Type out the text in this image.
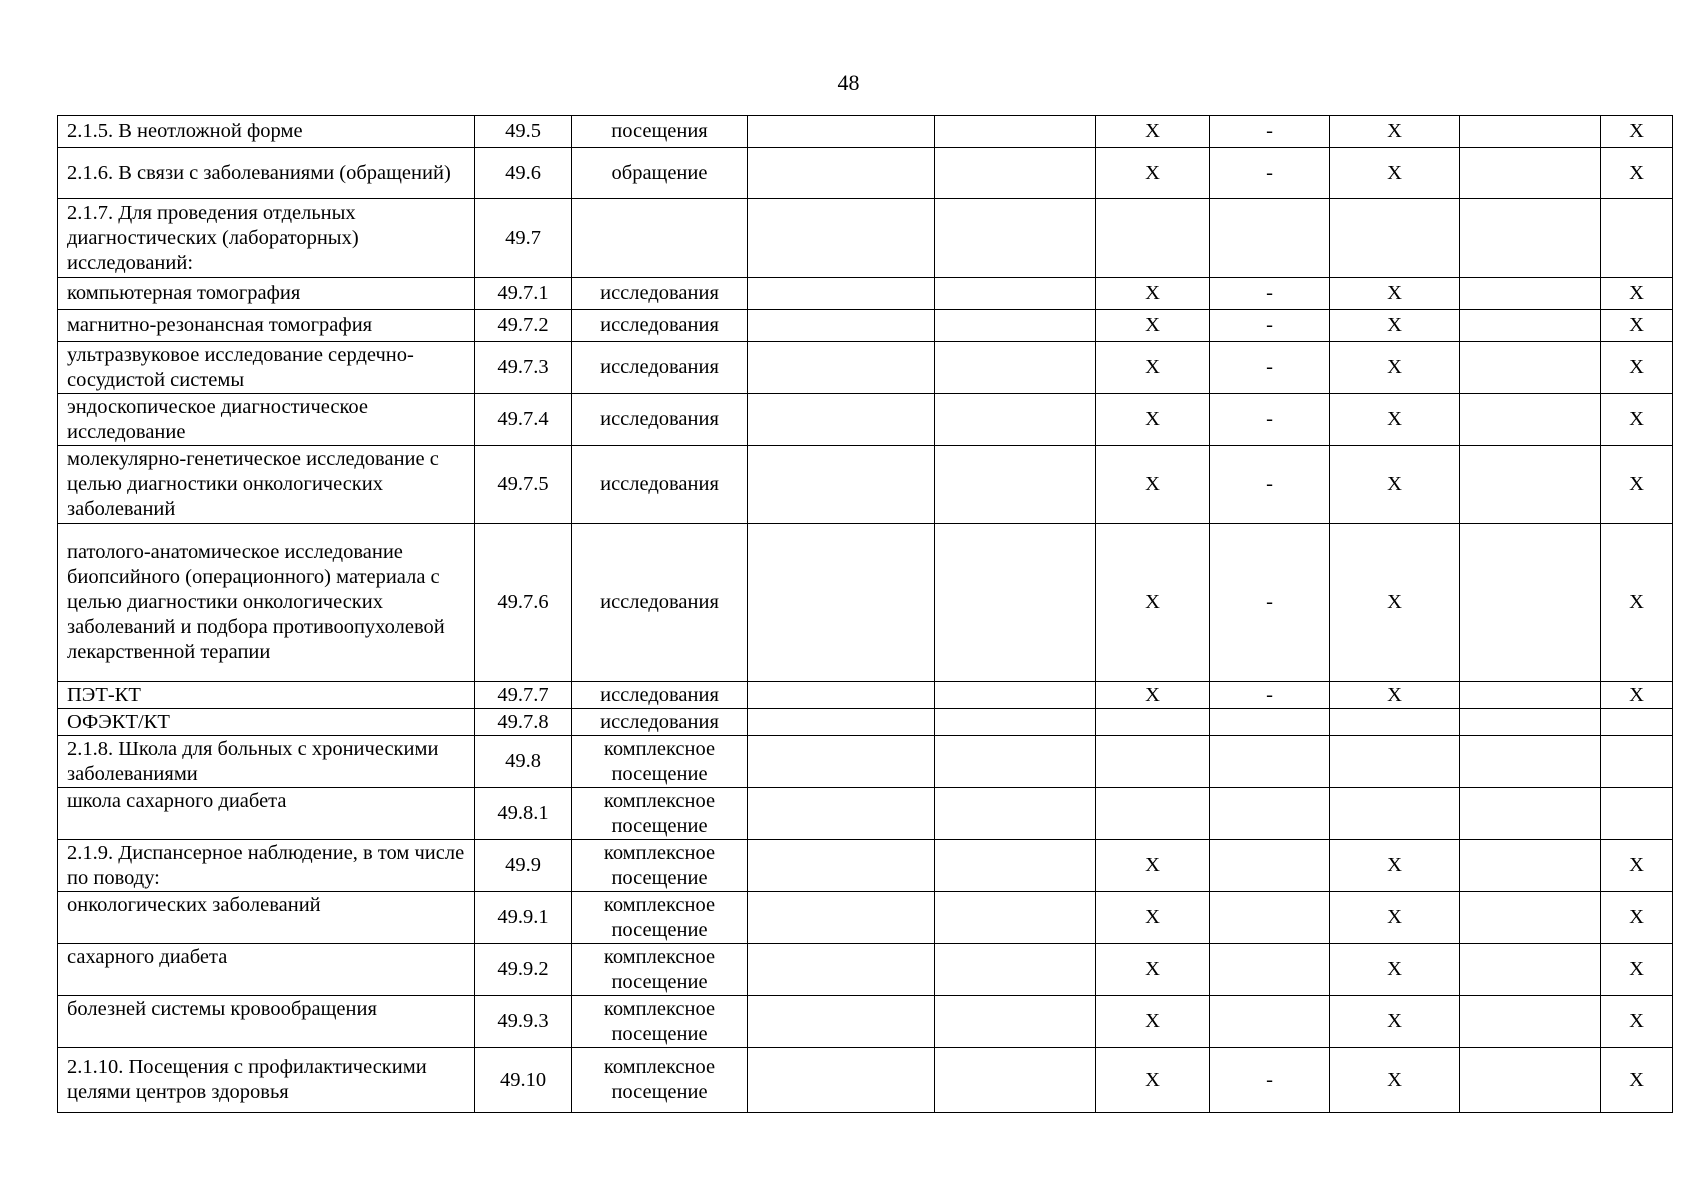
48
2.1.5. В неотложной форме	49.5	посещения			X	-	X		X
2.1.6. В связи с заболеваниями (обращений)	49.6	обращение			X	-	X		X
2.1.7. Для проведения отдельных диагностических (лабораторных) исследований:	49.7								
компьютерная томография	49.7.1	исследования			X	-	X		X
магнитно-резонансная томография	49.7.2	исследования			X	-	X		X
ультразвуковое исследование сердечно-сосудистой системы	49.7.3	исследования			X	-	X		X
эндоскопическое диагностическое исследование	49.7.4	исследования			X	-	X		X
молекулярно-генетическое исследование с целью диагностики онкологических заболеваний	49.7.5	исследования			X	-	X		X
патолого-анатомическое исследование биопсийного (операционного) материала с целью диагностики онкологических заболеваний и подбора противоопухолевой лекарственной терапии	49.7.6	исследования			X	-	X		X
ПЭТ-КТ	49.7.7	исследования			X	-	X		X
ОФЭКТ/КТ	49.7.8	исследования							
2.1.8. Школа для больных с хроническими заболеваниями	49.8	комплексное посещение							
школа сахарного диабета	49.8.1	комплексное посещение							
2.1.9. Диспансерное наблюдение, в том числе по поводу:	49.9	комплексное посещение			X		X		X
онкологических заболеваний	49.9.1	комплексное посещение			X		X		X
сахарного диабета	49.9.2	комплексное посещение			X		X		X
болезней системы кровообращения	49.9.3	комплексное посещение			X		X		X
2.1.10. Посещения с профилактическими целями центров здоровья	49.10	комплексное посещение			X	-	X		X
